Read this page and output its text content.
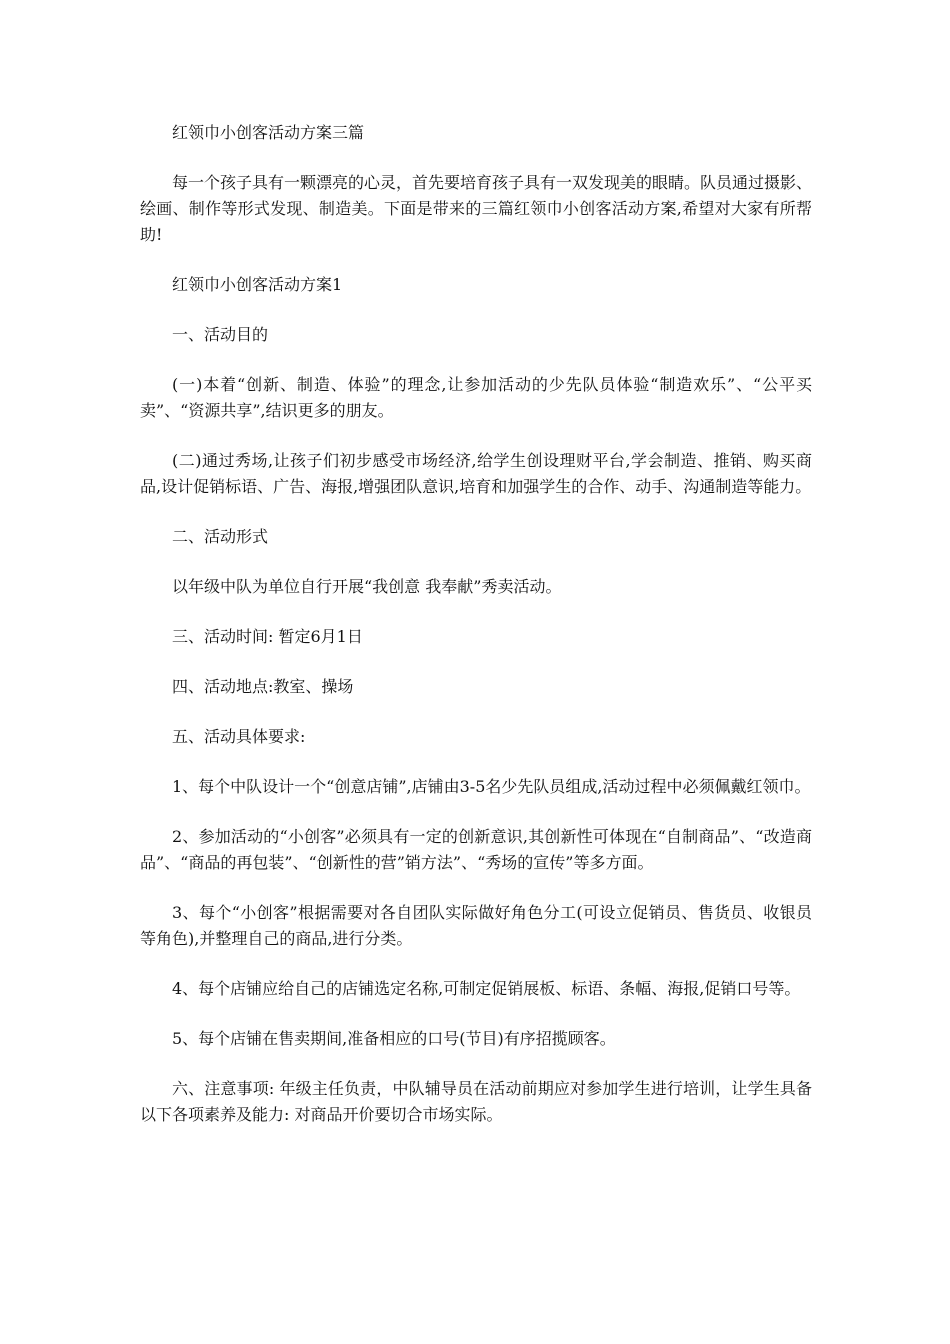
红领巾小创客活动方案三篇

每一个孩子具有一颗漂亮的心灵，首先要培育孩子具有一双发现美的眼睛。队员通过摄影、绘画、制作等形式发现、制造美。下面是带来的三篇红领巾小创客活动方案,希望对大家有所帮助!

红领巾小创客活动方案1

一、活动目的

(一)本着“创新、制造、体验”的理念,让参加活动的少先队员体验“制造欢乐”、“公平买卖”、“资源共享”,结识更多的朋友。

(二)通过秀场,让孩子们初步感受市场经济,给学生创设理财平台,学会制造、推销、购买商品,设计促销标语、广告、海报,增强团队意识,培育和加强学生的合作、动手、沟通制造等能力。

二、活动形式

以年级中队为单位自行开展“我创意 我奉献”秀卖活动。

三、活动时间: 暂定6月1日

四、活动地点:教室、操场

五、活动具体要求:

1、每个中队设计一个“创意店铺”,店铺由3-5名少先队员组成,活动过程中必须佩戴红领巾。

2、参加活动的“小创客”必须具有一定的创新意识,其创新性可体现在“自制商品”、“改造商品”、“商品的再包装”、“创新性的营”销方法”、“秀场的宣传”等多方面。

3、每个“小创客”根据需要对各自团队实际做好角色分工(可设立促销员、售货员、收银员等角色),并整理自己的商品,进行分类。

4、每个店铺应给自己的店铺选定名称,可制定促销展板、标语、条幅、海报,促销口号等。

5、每个店铺在售卖期间,准备相应的口号(节目)有序招揽顾客。

六、注意事项: 年级主任负责，中队辅导员在活动前期应对参加学生进行培训，让学生具备以下各项素养及能力: 对商品开价要切合市场实际。
